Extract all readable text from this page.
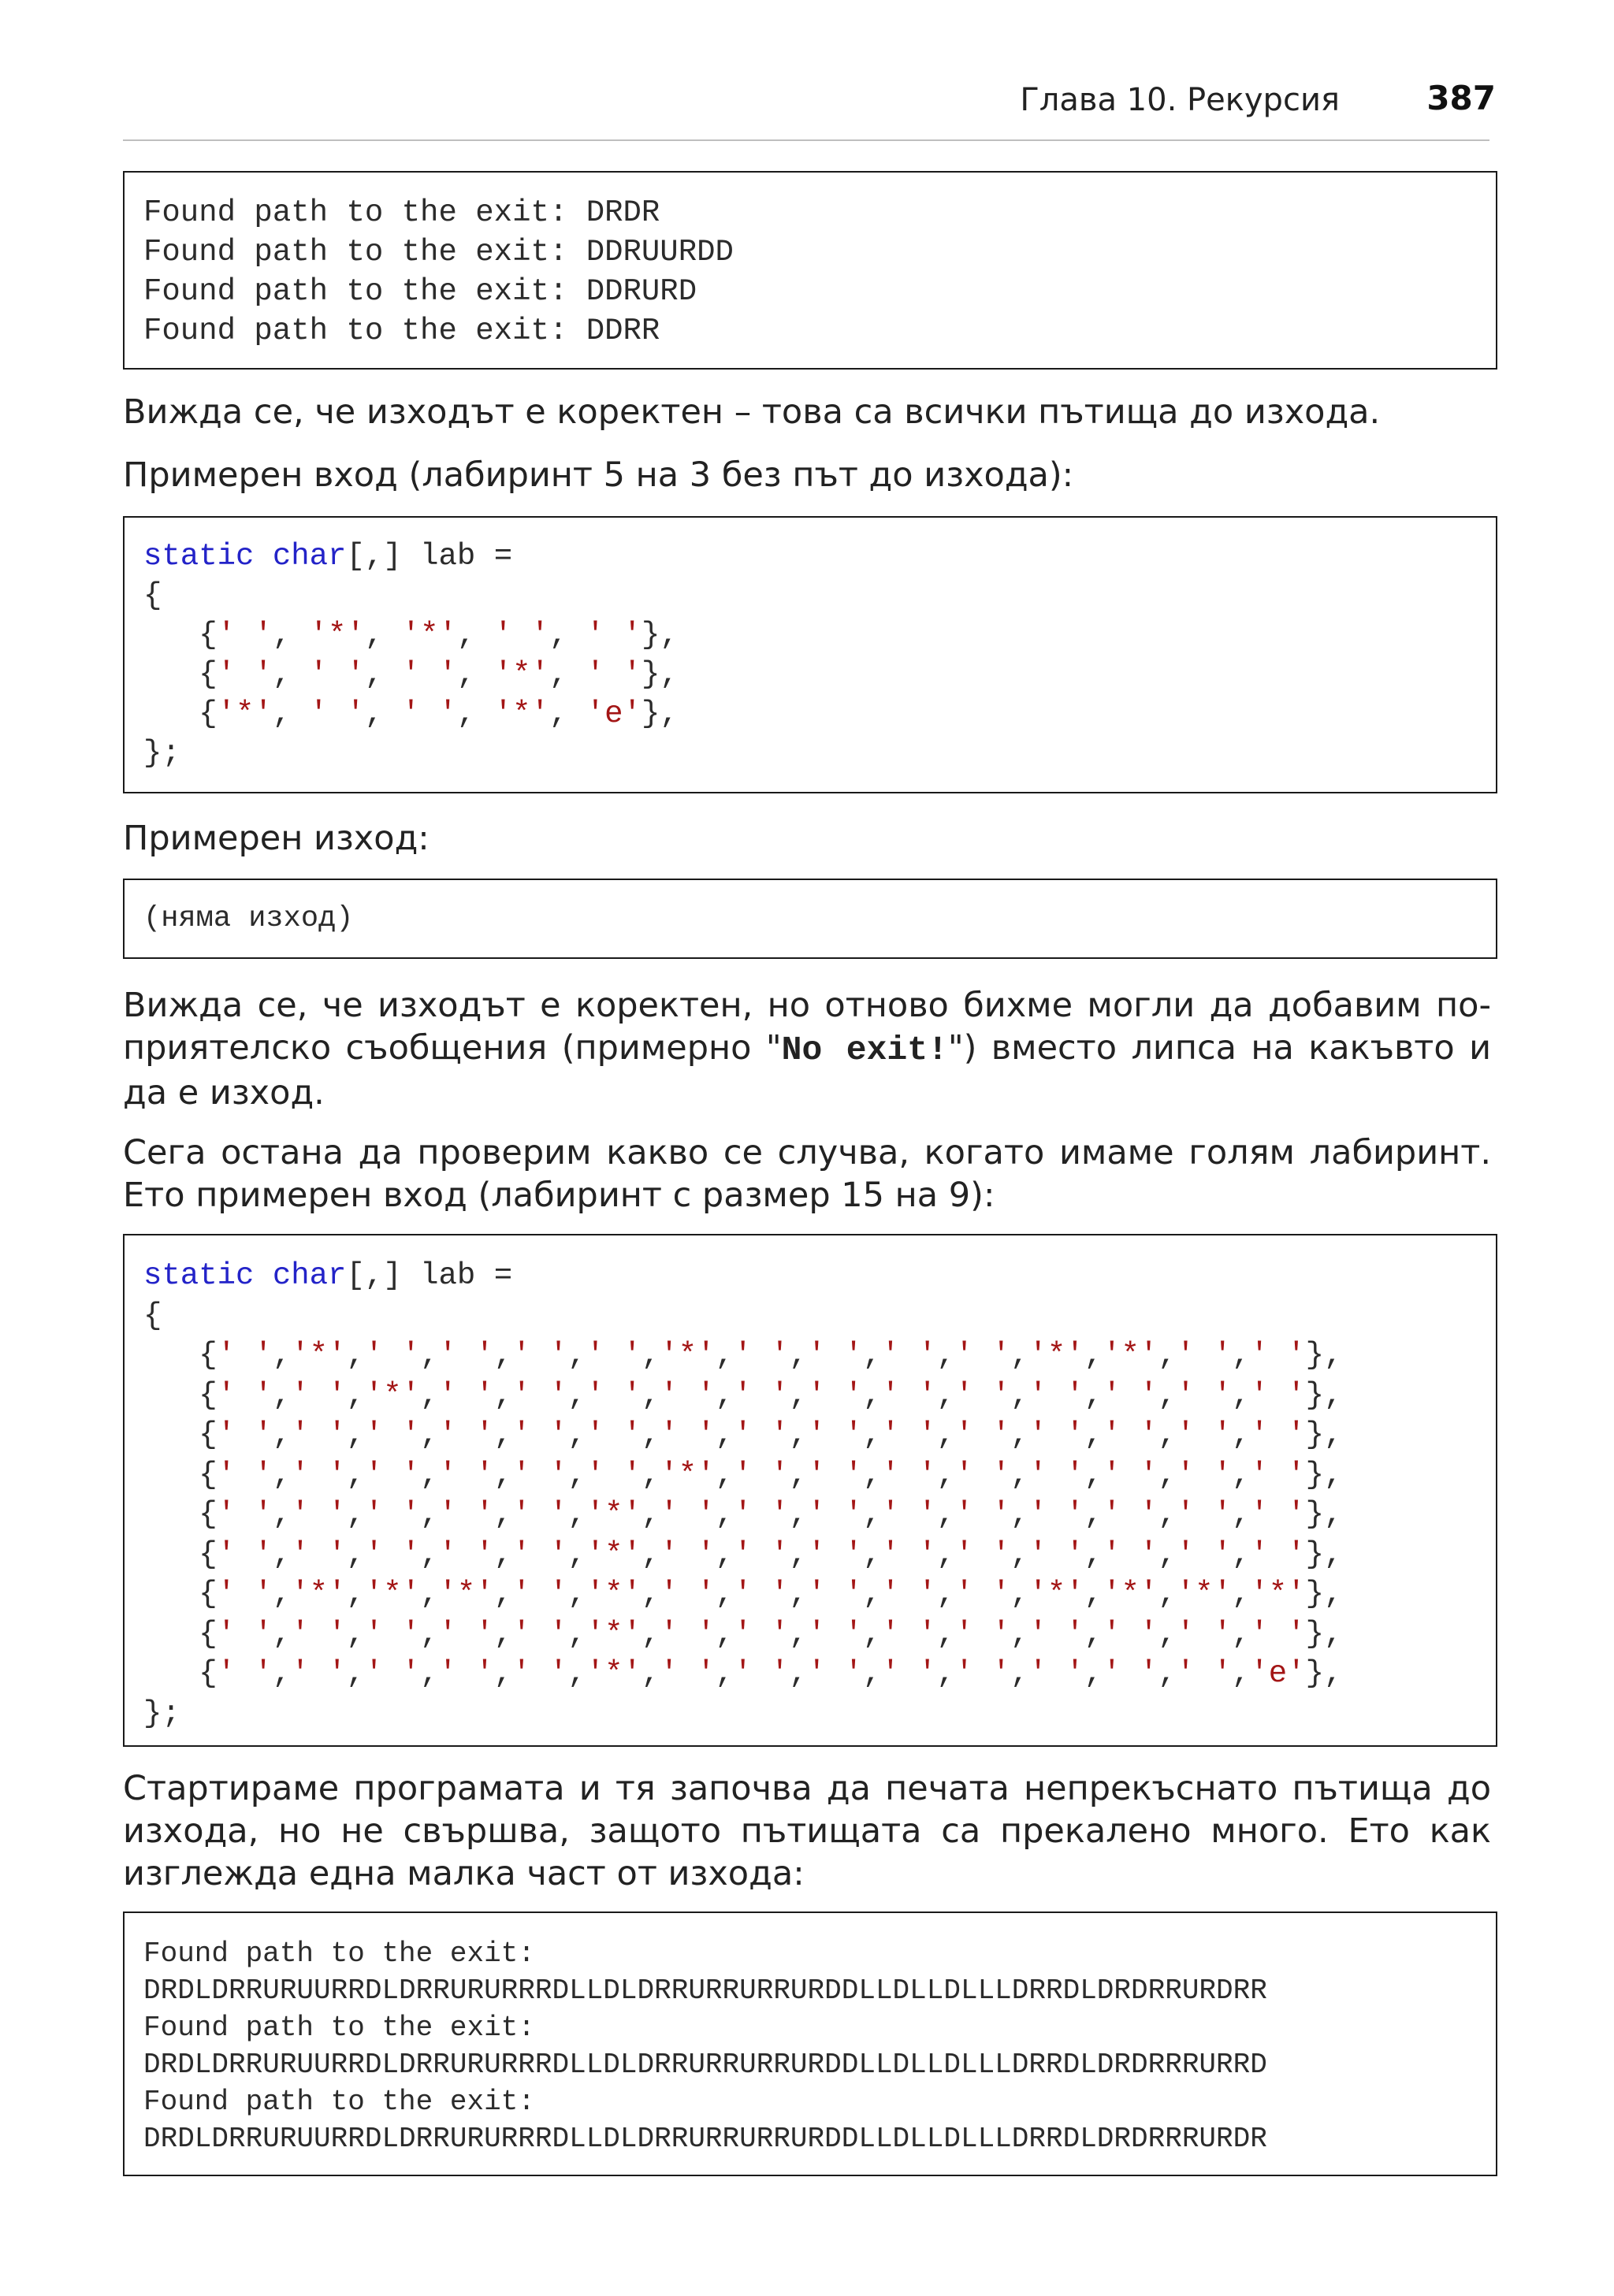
Глава 10. Рекурсия	387
Found path to the exit: DRDR
Found path to the exit: DDRUURDD
Found path to the exit: DDRURD
Found path to the exit: DDRR
Вижда се, че изходът е коректен – това са всички пътища до изхода.
Примерен вход (лабиринт 5 на 3 без път до изхода):
static char[,] lab =
{
{' ', '*', '*', ' ', ' '},
{' ', ' ', ' ', '*', ' '},
{'*', ' ', ' ', '*', 'e'},
};
Примерен изход:
(няма изход)
Вижда се, че изходът е коректен, но отново бихме могли да добавим по-приятелско съобщения (примерно "No exit!") вместо липса на какъвто и да е изход.
Сега остана да проверим какво се случва, когато имаме голям лабиринт. Ето примерен вход (лабиринт с размер 15 на 9):
static char[,] lab =
{
{' ','*',' ',' ',' ',' ','*',' ',' ',' ',' ','*','*',' ',' '},
{' ',' ','*',' ',' ',' ',' ',' ',' ',' ',' ',' ',' ',' ',' '},
{' ',' ',' ',' ',' ',' ',' ',' ',' ',' ',' ',' ',' ',' ',' '},
{' ',' ',' ',' ',' ',' ','*',' ',' ',' ',' ',' ',' ',' ',' '},
{' ',' ',' ',' ',' ','*',' ',' ',' ',' ',' ',' ',' ',' ',' '},
{' ',' ',' ',' ',' ','*',' ',' ',' ',' ',' ',' ',' ',' ',' '},
{' ','*','*','*',' ','*',' ',' ',' ',' ',' ','*','*','*','*'},
{' ',' ',' ',' ',' ','*',' ',' ',' ',' ',' ',' ',' ',' ',' '},
{' ',' ',' ',' ',' ','*',' ',' ',' ',' ',' ',' ',' ',' ','e'},
};
Стартираме програмата и тя започва да печата непрекъснато пътища до изхода, но не свършва, защото пътищата са прекалено много. Ето как изглежда една малка част от изхода:
Found path to the exit:
DRDLDRRURUURRDLDRRURURRRDLLDLDRRURRURRURDDLLDLLDLLLDRRDLDRDRRURDRR
Found path to the exit:
DRDLDRRURUURRDLDRRURURRRDLLDLDRRURRURRURDDLLDLLDLLLDRRDLDRDRRRURRD
Found path to the exit:
DRDLDRRURUURRDLDRRURURRRDLLDLDRRURRURRURDDLLDLLDLLLDRRDLDRDRRRURDR
